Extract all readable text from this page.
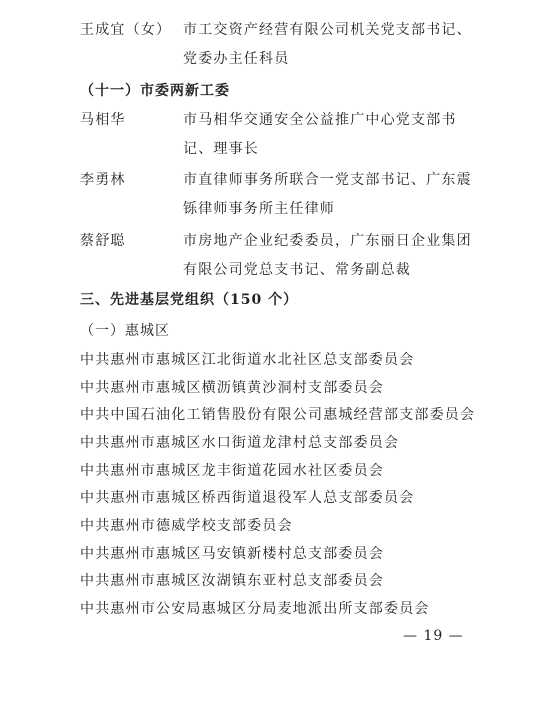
王成宜（女） 市工交资产经营有限公司机关党支部书记、
党委办主任科员
（十一）市委两新工委
马相华	市马相华交通安全公益推广中心党支部书
记、理事长
李勇林	市直律师事务所联合一党支部书记、广东震
铄律师事务所主任律师
蔡舒聪	市房地产企业纪委委员，广东丽日企业集团
有限公司党总支书记、常务副总裁
三、先进基层党组织（150 个）
（一）惠城区
中共惠州市惠城区江北街道水北社区总支部委员会
中共惠州市惠城区横沥镇黄沙洞村支部委员会
中共中国石油化工销售股份有限公司惠城经营部支部委员会
中共惠州市惠城区水口街道龙津村总支部委员会
中共惠州市惠城区龙丰街道花园水社区委员会
中共惠州市惠城区桥西街道退役军人总支部委员会
中共惠州市德威学校支部委员会
中共惠州市惠城区马安镇新楼村总支部委员会
中共惠州市惠城区汝湖镇东亚村总支部委员会
中共惠州市公安局惠城区分局麦地派出所支部委员会
— 19 —
